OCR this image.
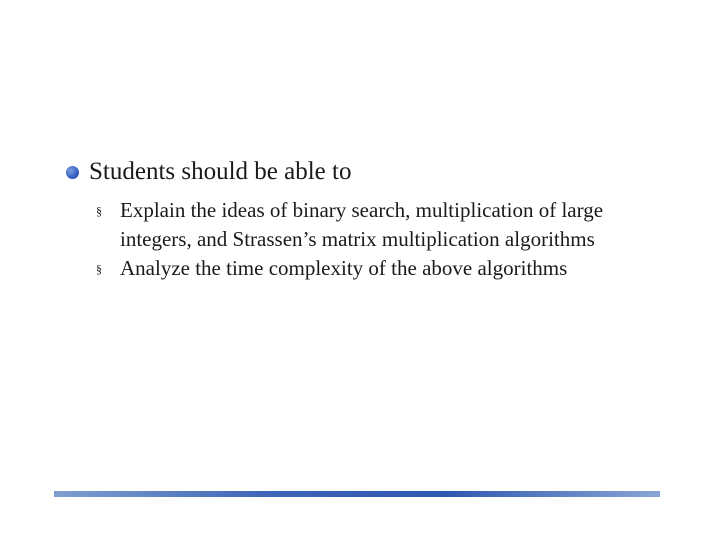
Students should be able to
§ Explain the ideas of binary search, multiplication of large integers, and Strassen’s matrix multiplication algorithms
§ Analyze the time complexity of the above algorithms
